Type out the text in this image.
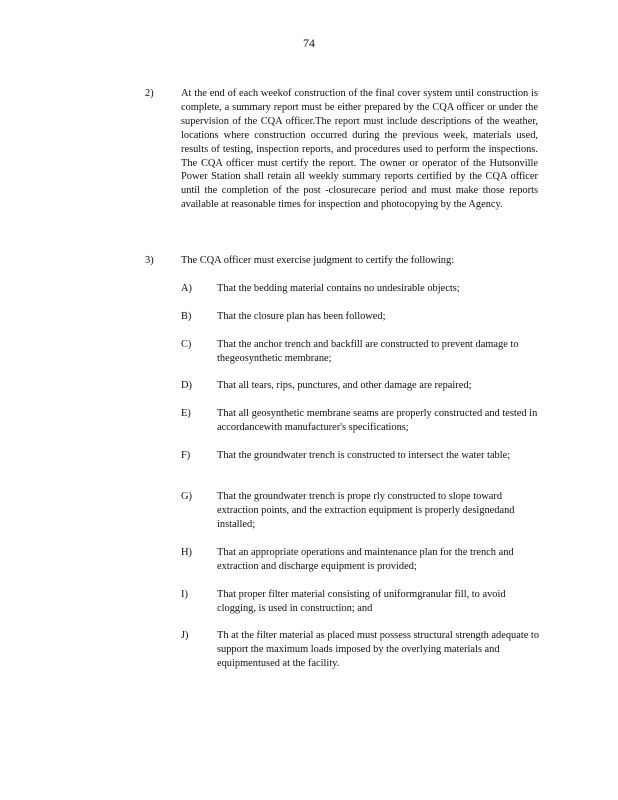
74
2)	At the end of each weekof construction of the final cover system until construction is complete, a summary report must be either prepared by the CQA officer or under the supervision of the CQA officer.The report must include descriptions of the weather, locations where construction occurred during the previous week, materials used, results of testing, inspection reports, and procedures used to perform the inspections. The CQA officer must certify the report. The owner or operator of the Hutsonville Power Station shall retain all weekly summary reports certified by the CQA officer until the completion of the post -closurecare period and must make those reports available at reasonable times for inspection and photocopying by the Agency.
3)	The CQA officer must exercise judgment to certify the following:
A) That the bedding material contains no undesirable objects;
B) That the closure plan has been followed;
C) That the anchor trench and backfill are constructed to prevent damage to thegeosynthetic membrane;
D) That all tears, rips, punctures, and other damage are repaired;
E)	That all geosynthetic membrane seams are properly constructed and tested in accordancewith manufacturer's specifications;
F)	That the groundwater trench is constructed to intersect the water table;
G) That the groundwater trench is prope rly constructed to slope toward extraction points, and the extraction equipment is properly designedand installed;
H) That an appropriate operations and maintenance plan for the trench and extraction and discharge equipment is provided;
I)	That proper filter material consisting of uniformgranular fill, to avoid clogging, is used in construction; and
J)	Th at the filter material as placed must possess structural strength adequate to support the maximum loads imposed by the overlying materials and equipmentused at the facility.
